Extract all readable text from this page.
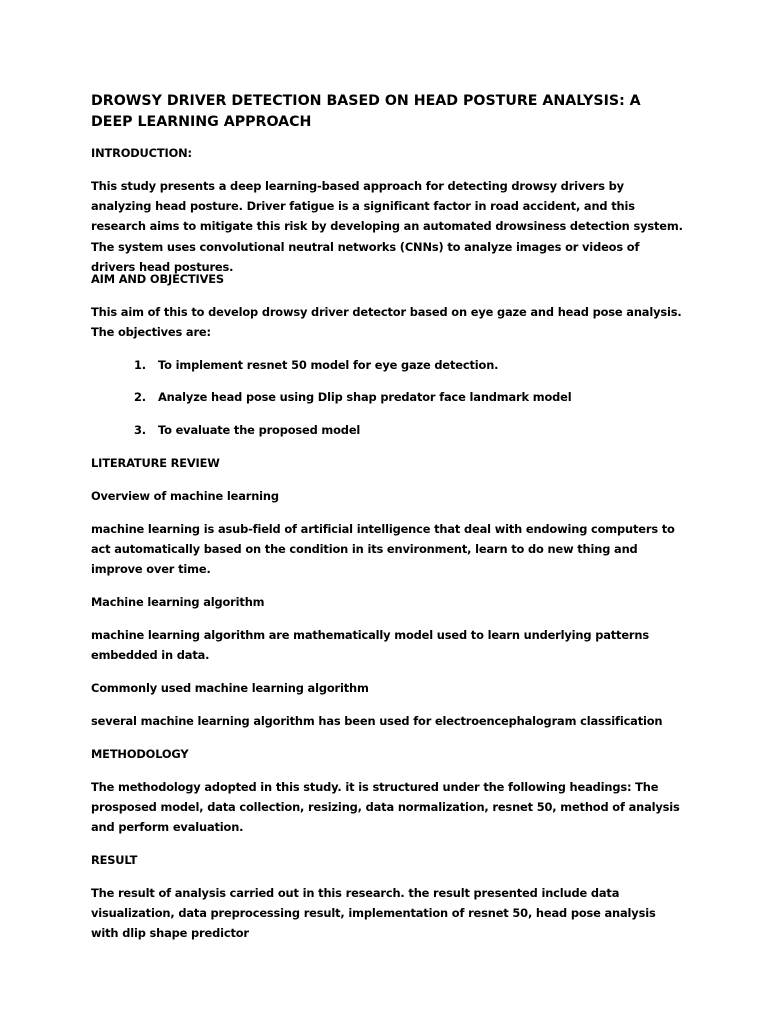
DROWSY DRIVER DETECTION BASED ON HEAD POSTURE ANALYSIS: A DEEP LEARNING APPROACH

INTRODUCTION:

This study presents a deep learning-based approach for detecting drowsy drivers by analyzing head posture. Driver fatigue is a significant factor in road accident, and this research aims to mitigate this risk by developing an automated drowsiness detection system. The system uses convolutional neutral networks (CNNs) to analyze images or videos of drivers head postures.

AIM AND OBJECTIVES

This aim of this to develop drowsy driver detector based on eye gaze and head pose analysis. The objectives are:

1. To implement resnet 50 model for eye gaze detection.

2. Analyze head pose using Dlip shap predator face landmark model

3. To evaluate the proposed model

LITERATURE REVIEW

Overview of machine learning

machine learning is asub-field of artificial intelligence that deal with endowing computers to act automatically based on the condition in its environment, learn to do new thing and improve over time.

Machine learning algorithm

machine learning algorithm are mathematically model used to learn underlying patterns embedded in data.

Commonly used machine learning algorithm

several machine learning algorithm has been used for electroencephalogram classification

METHODOLOGY

The methodology adopted in this study. it is structured under the following headings: The prosposed model, data collection, resizing, data normalization, resnet 50, method of analysis and perform evaluation.

RESULT

The result of analysis carried out in this research. the result presented include data visualization, data preprocessing result, implementation of resnet 50, head pose analysis with dlip shape predictor
